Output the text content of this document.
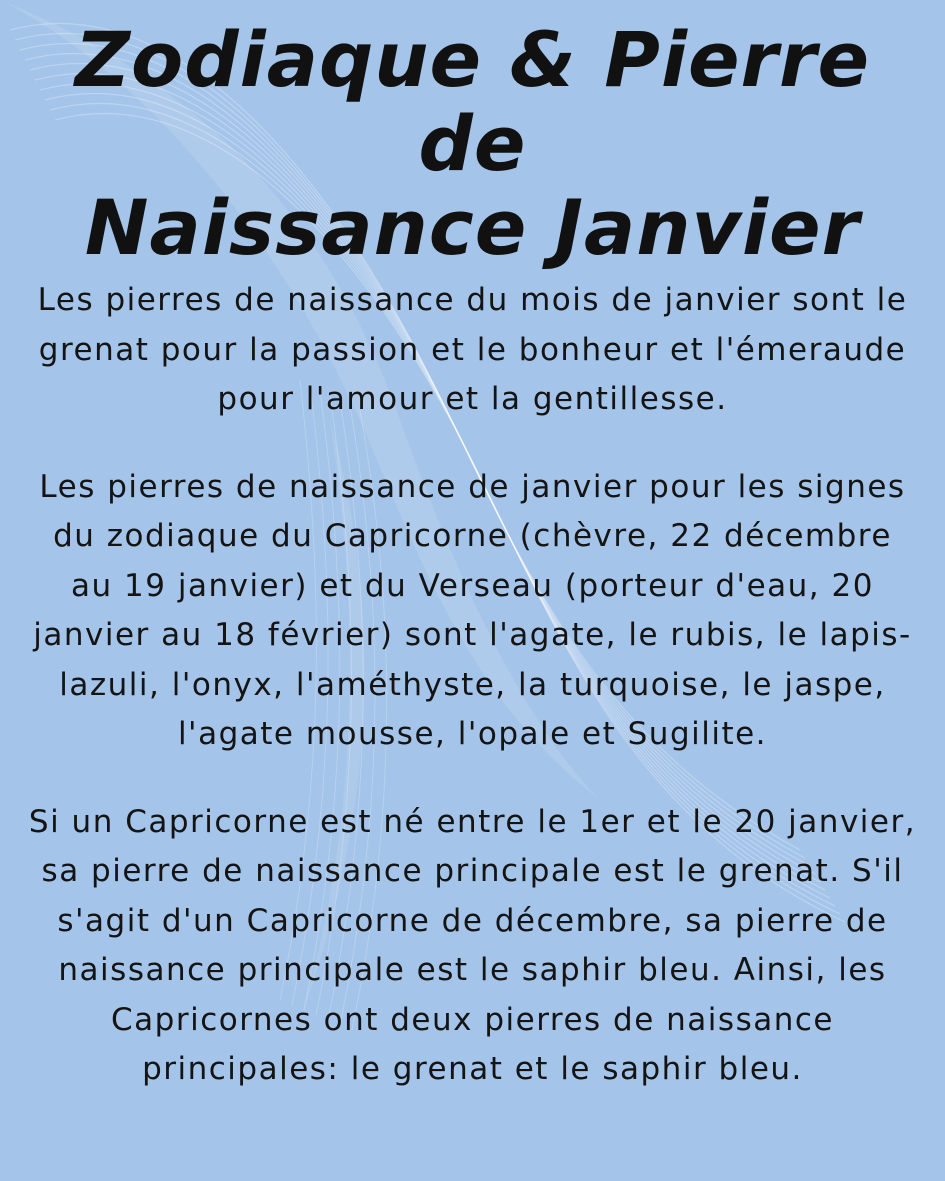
Zodiaque & Pierre de
Naissance Janvier

Les pierres de naissance du mois de janvier sont le grenat pour la passion et le bonheur et l'émeraude pour l'amour et la gentillesse.

Les pierres de naissance de janvier pour les signes du zodiaque du Capricorne (chèvre, 22 décembre au 19 janvier) et du Verseau (porteur d'eau, 20 janvier au 18 février) sont l'agate, le rubis, le lapis-lazuli, l'onyx, l'améthyste, la turquoise, le jaspe, l'agate mousse, l'opale et Sugilite.

Si un Capricorne est né entre le 1er et le 20 janvier, sa pierre de naissance principale est le grenat. S'il s'agit d'un Capricorne de décembre, sa pierre de naissance principale est le saphir bleu. Ainsi, les Capricornes ont deux pierres de naissance principales: le grenat et le saphir bleu.
